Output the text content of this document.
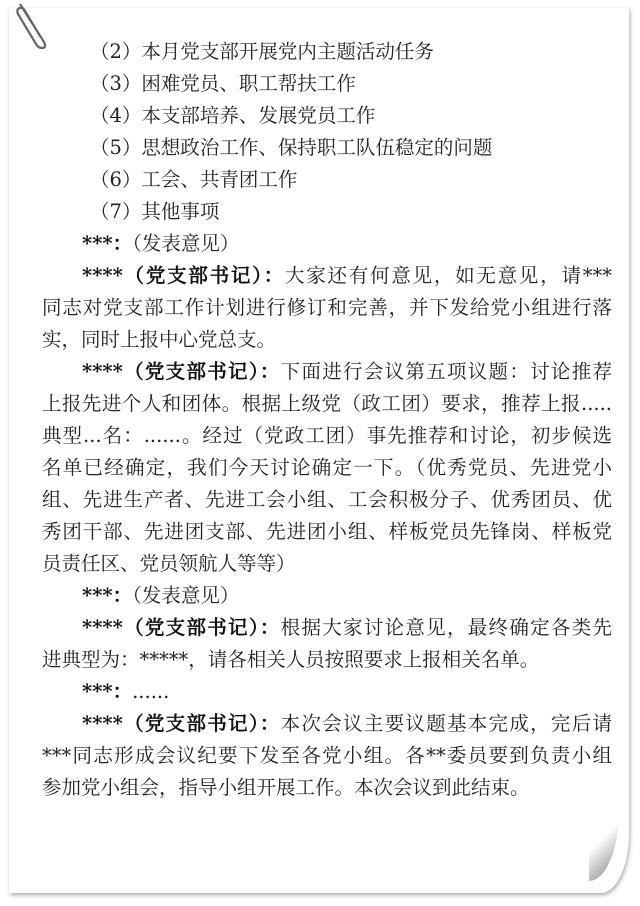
（2）本月党支部开展党内主题活动任务
（3）困难党员、职工帮扶工作
（4）本支部培养、发展党员工作
（5）思想政治工作、保持职工队伍稳定的问题
（6）工会、共青团工作
（7）其他事项
***：（发表意见）
****（党支部书记）：大家还有何意见，如无意见，请***
同志对党支部工作计划进行修订和完善，并下发给党小组进行落
实，同时上报中心党总支。
****（党支部书记）：下面进行会议第五项议题：讨论推荐
上报先进个人和团体。根据上级党（政工团）要求，推荐上报.....
典型...名：......。经过（党政工团）事先推荐和讨论，初步候选
名单已经确定，我们今天讨论确定一下。（优秀党员、先进党小
组、先进生产者、先进工会小组、工会积极分子、优秀团员、优
秀团干部、先进团支部、先进团小组、样板党员先锋岗、样板党
员责任区、党员领航人等等）
***：（发表意见）
****（党支部书记）：根据大家讨论意见，最终确定各类先
进典型为：*****，请各相关人员按照要求上报相关名单。
***：......
****（党支部书记）：本次会议主要议题基本完成，完后请
***同志形成会议纪要下发至各党小组。各**委员要到负责小组
参加党小组会，指导小组开展工作。本次会议到此结束。
